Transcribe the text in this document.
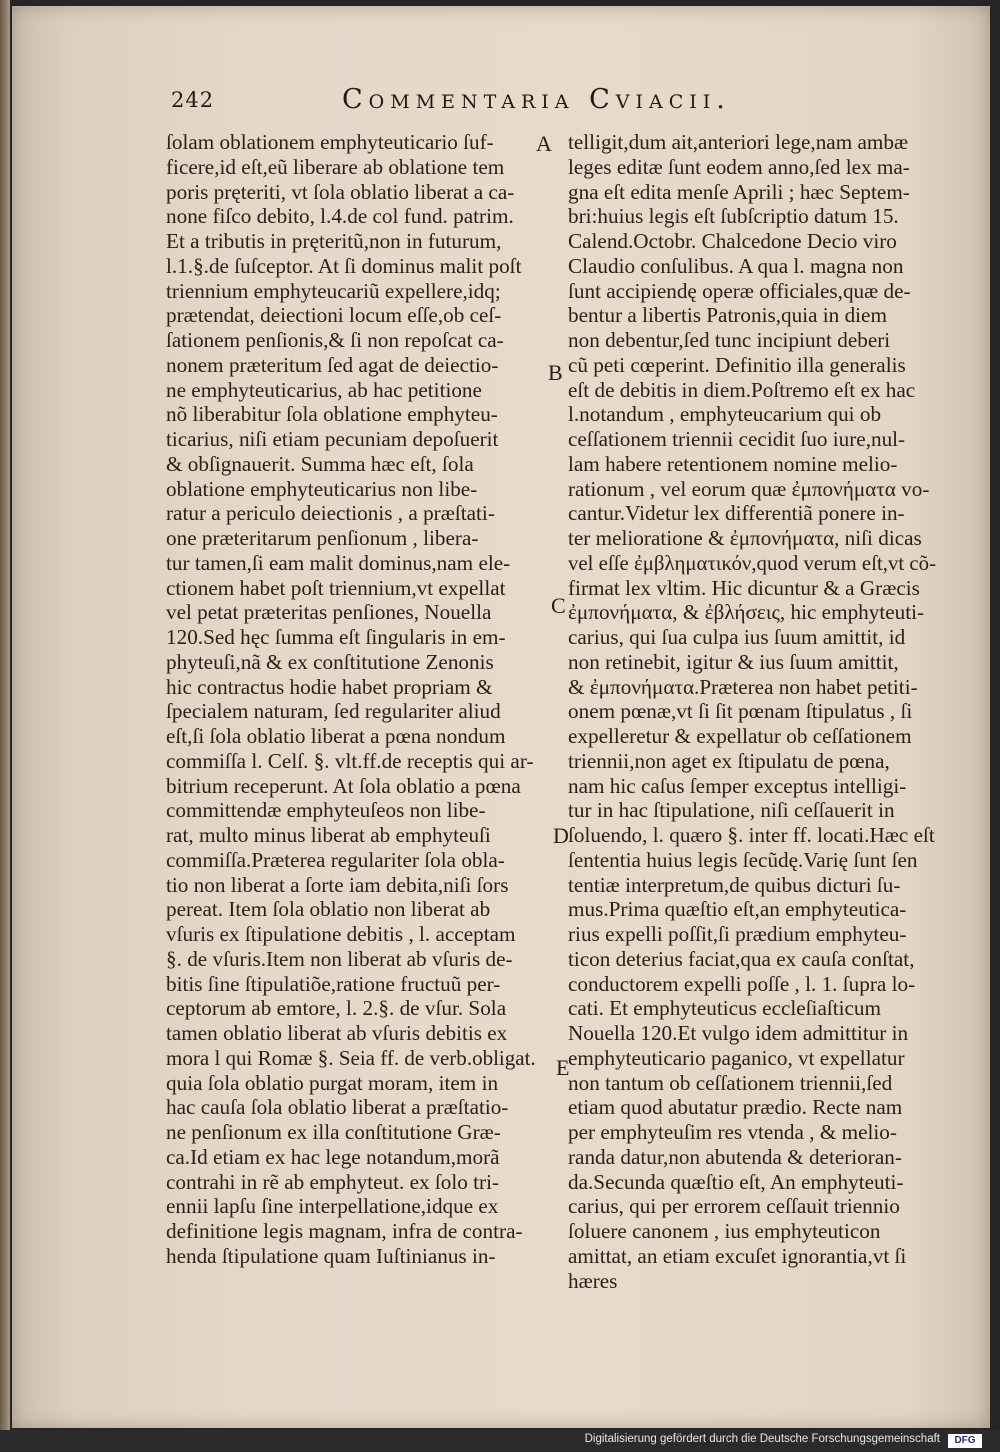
242	Commentaria Cviacii.
ſolam oblationem emphyteuticario ſuf-
ficere,id eſt,eũ liberare ab oblatione tem
poris pręteriti, vt ſola oblatio liberat a ca-
none fiſco debito, l.4.de col fund. patrim.
Et a tributis in pręteritũ,non in futurum,
l.1.§.de ſuſceptor. At ſi dominus malit poſt
triennium emphyteucariũ expellere,idq;
prætendat, deiectioni locum eſſe,ob ceſ-
ſationem penſionis,& ſi non repoſcat ca-
nonem præteritum ſed agat de deiectio-
ne emphyteuticarius, ab hac petitione
nõ liberabitur ſola oblatione emphyteu-
ticarius, niſi etiam pecuniam depoſuerit
& obſignauerit. Summa hæc eſt, ſola
oblatione emphyteuticarius non libe-
ratur a periculo deiectionis , a præſtati-
one præteritarum penſionum , libera-
tur tamen,ſi eam malit dominus,nam ele-
ctionem habet poſt triennium,vt expellat
vel petat præteritas penſiones, Nouella
120.Sed hęc ſumma eſt ſingularis in em-
phyteuſi,nã & ex conſtitutione Zenonis
hic contractus hodie habet propriam &
ſpecialem naturam, ſed regulariter aliud
eſt,ſi ſola oblatio liberat a pœna nondum
commiſſa l. Celſ. §. vlt.ff.de receptis qui ar-
bitrium receperunt. At ſola oblatio a pœna
committendæ emphyteuſeos non libe-
rat, multo minus liberat ab emphyteuſi
commiſſa.Præterea regulariter ſola obla-
tio non liberat a ſorte iam debita,niſi ſors
pereat. Item ſola oblatio non liberat ab
vſuris ex ſtipulatione debitis , l. acceptam
§. de vſuris.Item non liberat ab vſuris de-
bitis ſine ſtipulatiõe,ratione fructuũ per-
ceptorum ab emtore, l. 2.§. de vſur. Sola
tamen oblatio liberat ab vſuris debitis ex
mora l qui Romæ §. Seia ff. de verb.obligat.
quia ſola oblatio purgat moram, item in
hac cauſa ſola oblatio liberat a præſtatio-
ne penſionum ex illa conſtitutione Græ-
ca.Id etiam ex hac lege notandum,morã
contrahi in rẽ ab emphyteut. ex ſolo tri-
ennii lapſu ſine interpellatione,idque ex
definitione legis magnam, infra de contra-
henda ſtipulatione quam Iuſtinianus in-
telligit,dum ait,anteriori lege,nam ambæ
leges editæ ſunt eodem anno,ſed lex ma-
gna eſt edita menſe Aprili ; hæc Septem-
bri:huius legis eſt ſubſcriptio datum 15.
Calend.Octobr. Chalcedone Decio viro
Claudio conſulibus. A qua l. magna non
ſunt accipiendę operæ officiales,quæ de-
bentur a libertis Patronis,quia in diem
non debentur,ſed tunc incipiunt deberi
cũ peti cœperint. Definitio illa generalis
eſt de debitis in diem.Poſtremo eſt ex hac
l.notandum , emphyteucarium qui ob
ceſſationem triennii cecidit ſuo iure,nul-
lam habere retentionem nomine melio-
rationum , vel eorum quæ ἐμπονήματα vo-
cantur.Videtur lex differentiã ponere in-
ter melioratione & ἐμπονήματα, niſi dicas
vel eſſe ἐμβληματικόν,quod verum eſt,vt cõ-
firmat lex vltim. Hic dicuntur & a Græcis
ἐμπονήματα, & ἐβλήσεις, hic emphyteuti-
carius, qui ſua culpa ius ſuum amittit, id
non retinebit, igitur & ius ſuum amittit,
& ἐμπονήματα.Præterea non habet petiti-
onem pœnæ,vt ſi ſit pœnam ſtipulatus , ſi
expelleretur & expellatur ob ceſſationem
triennii,non aget ex ſtipulatu de pœna,
nam hic caſus ſemper exceptus intelligi-
tur in hac ſtipulatione, niſi ceſſauerit in
ſoluendo, l. quæro §. inter ff. locati.Hæc eſt
ſententia huius legis ſecũdę.Varię ſunt ſen
tentiæ interpretum,de quibus dicturi ſu-
mus.Prima quæſtio eſt,an emphyteutica-
rius expelli poſſit,ſi prædium emphyteu-
ticon deterius faciat,qua ex cauſa conſtat,
conductorem expelli poſſe , l. 1. ſupra lo-
cati. Et emphyteuticus eccleſiaſticum
Nouella 120.Et vulgo idem admittitur in
emphyteuticario paganico, vt expellatur
non tantum ob ceſſationem triennii,ſed
etiam quod abutatur prædio. Recte nam
per emphyteuſim res vtenda , & melio-
randa datur,non abutenda & deterioran-
da.Secunda quæſtio eſt, An emphyteuti-
carius, qui per errorem ceſſauit triennio
ſoluere canonem , ius emphyteuticon
amittat, an etiam excuſet ignorantia,vt ſi
hæres
A
B
C
D
E
Digitalisierung gefördert durch die Deutsche Forschungsgemeinschaft	DFG
